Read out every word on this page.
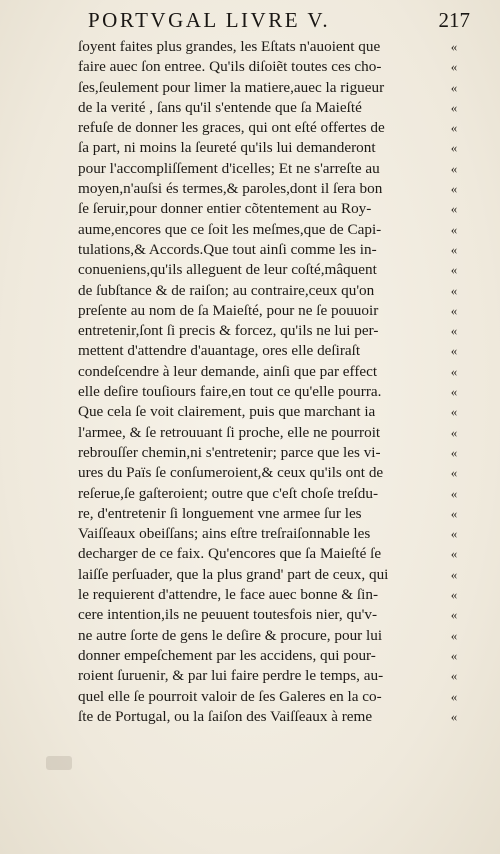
PORTVGAL LIVRE V.	217
ſoyent faites plus grandes, les Eſtats n'auoient que
faire auec ſon entree. Qu'ils diſoiẽt toutes ces cho-
ſes,ſeulement pour limer la matiere,auec la rigueur
de la verité , ſans qu'il s'entende que ſa Maieſté
refuſe de donner les graces, qui ont eſté offertes de
ſa part, ni moins la ſeureté qu'ils lui demanderont
pour l'accompliſſement d'icelles; Et ne s'arreſte au
moyen,n'auſsi és termes,& paroles,dont il ſera bon
ſe ſeruir,pour donner entier cõtentement au Roy-
aume,encores que ce ſoit les meſmes,que de Capi-
tulations,& Accords.Que tout ainſi comme les in-
conueniens,qu'ils alleguent de leur coſté,mâquent
de ſubſtance & de raiſon; au contraire,ceux qu'on
preſente au nom de ſa Maieſté, pour ne ſe pouuoir
entretenir,ſont ſi precis & forcez, qu'ils ne lui per-
mettent d'attendre d'auantage, ores elle deſiraſt
condeſcendre à leur demande, ainſi que par effect
elle deſire touſiours faire,en tout ce qu'elle pourra.
Que cela ſe voit clairement, puis que marchant ia
l'armee, & ſe retrouuant ſi proche, elle ne pourroit
rebrouſſer chemin,ni s'entretenir; parce que les vi-
ures du Païs ſe conſumeroient,& ceux qu'ils ont de
reſerue,ſe gaſteroient; outre que c'eſt choſe treſdu-
re, d'entretenir ſi longuement vne armee ſur les
Vaiſſeaux obeiſſans; ains eſtre treſraiſonnable les
decharger de ce faix. Qu'encores que ſa Maieſté ſe
laiſſe perſuader, que la plus grand' part de ceux, qui
le requierent d'attendre, le face auec bonne & ſin-
cere intention,ils ne peuuent toutesfois nier, qu'v-
ne autre ſorte de gens le deſire & procure, pour lui
donner empeſchement par les accidens, qui pour-
roient ſuruenir, & par lui faire perdre le temps, au-
quel elle ſe pourroit valoir de ſes Galeres en la co-
ſte de Portugal, ou la ſaiſon des Vaiſſeaux à reme
«
«
«
«
«
«
«
«
«
«
«
«
«
«
«
«
«
«
«
«
«
«
«
«
«
«
«
«
«
«
«
«
«
«
